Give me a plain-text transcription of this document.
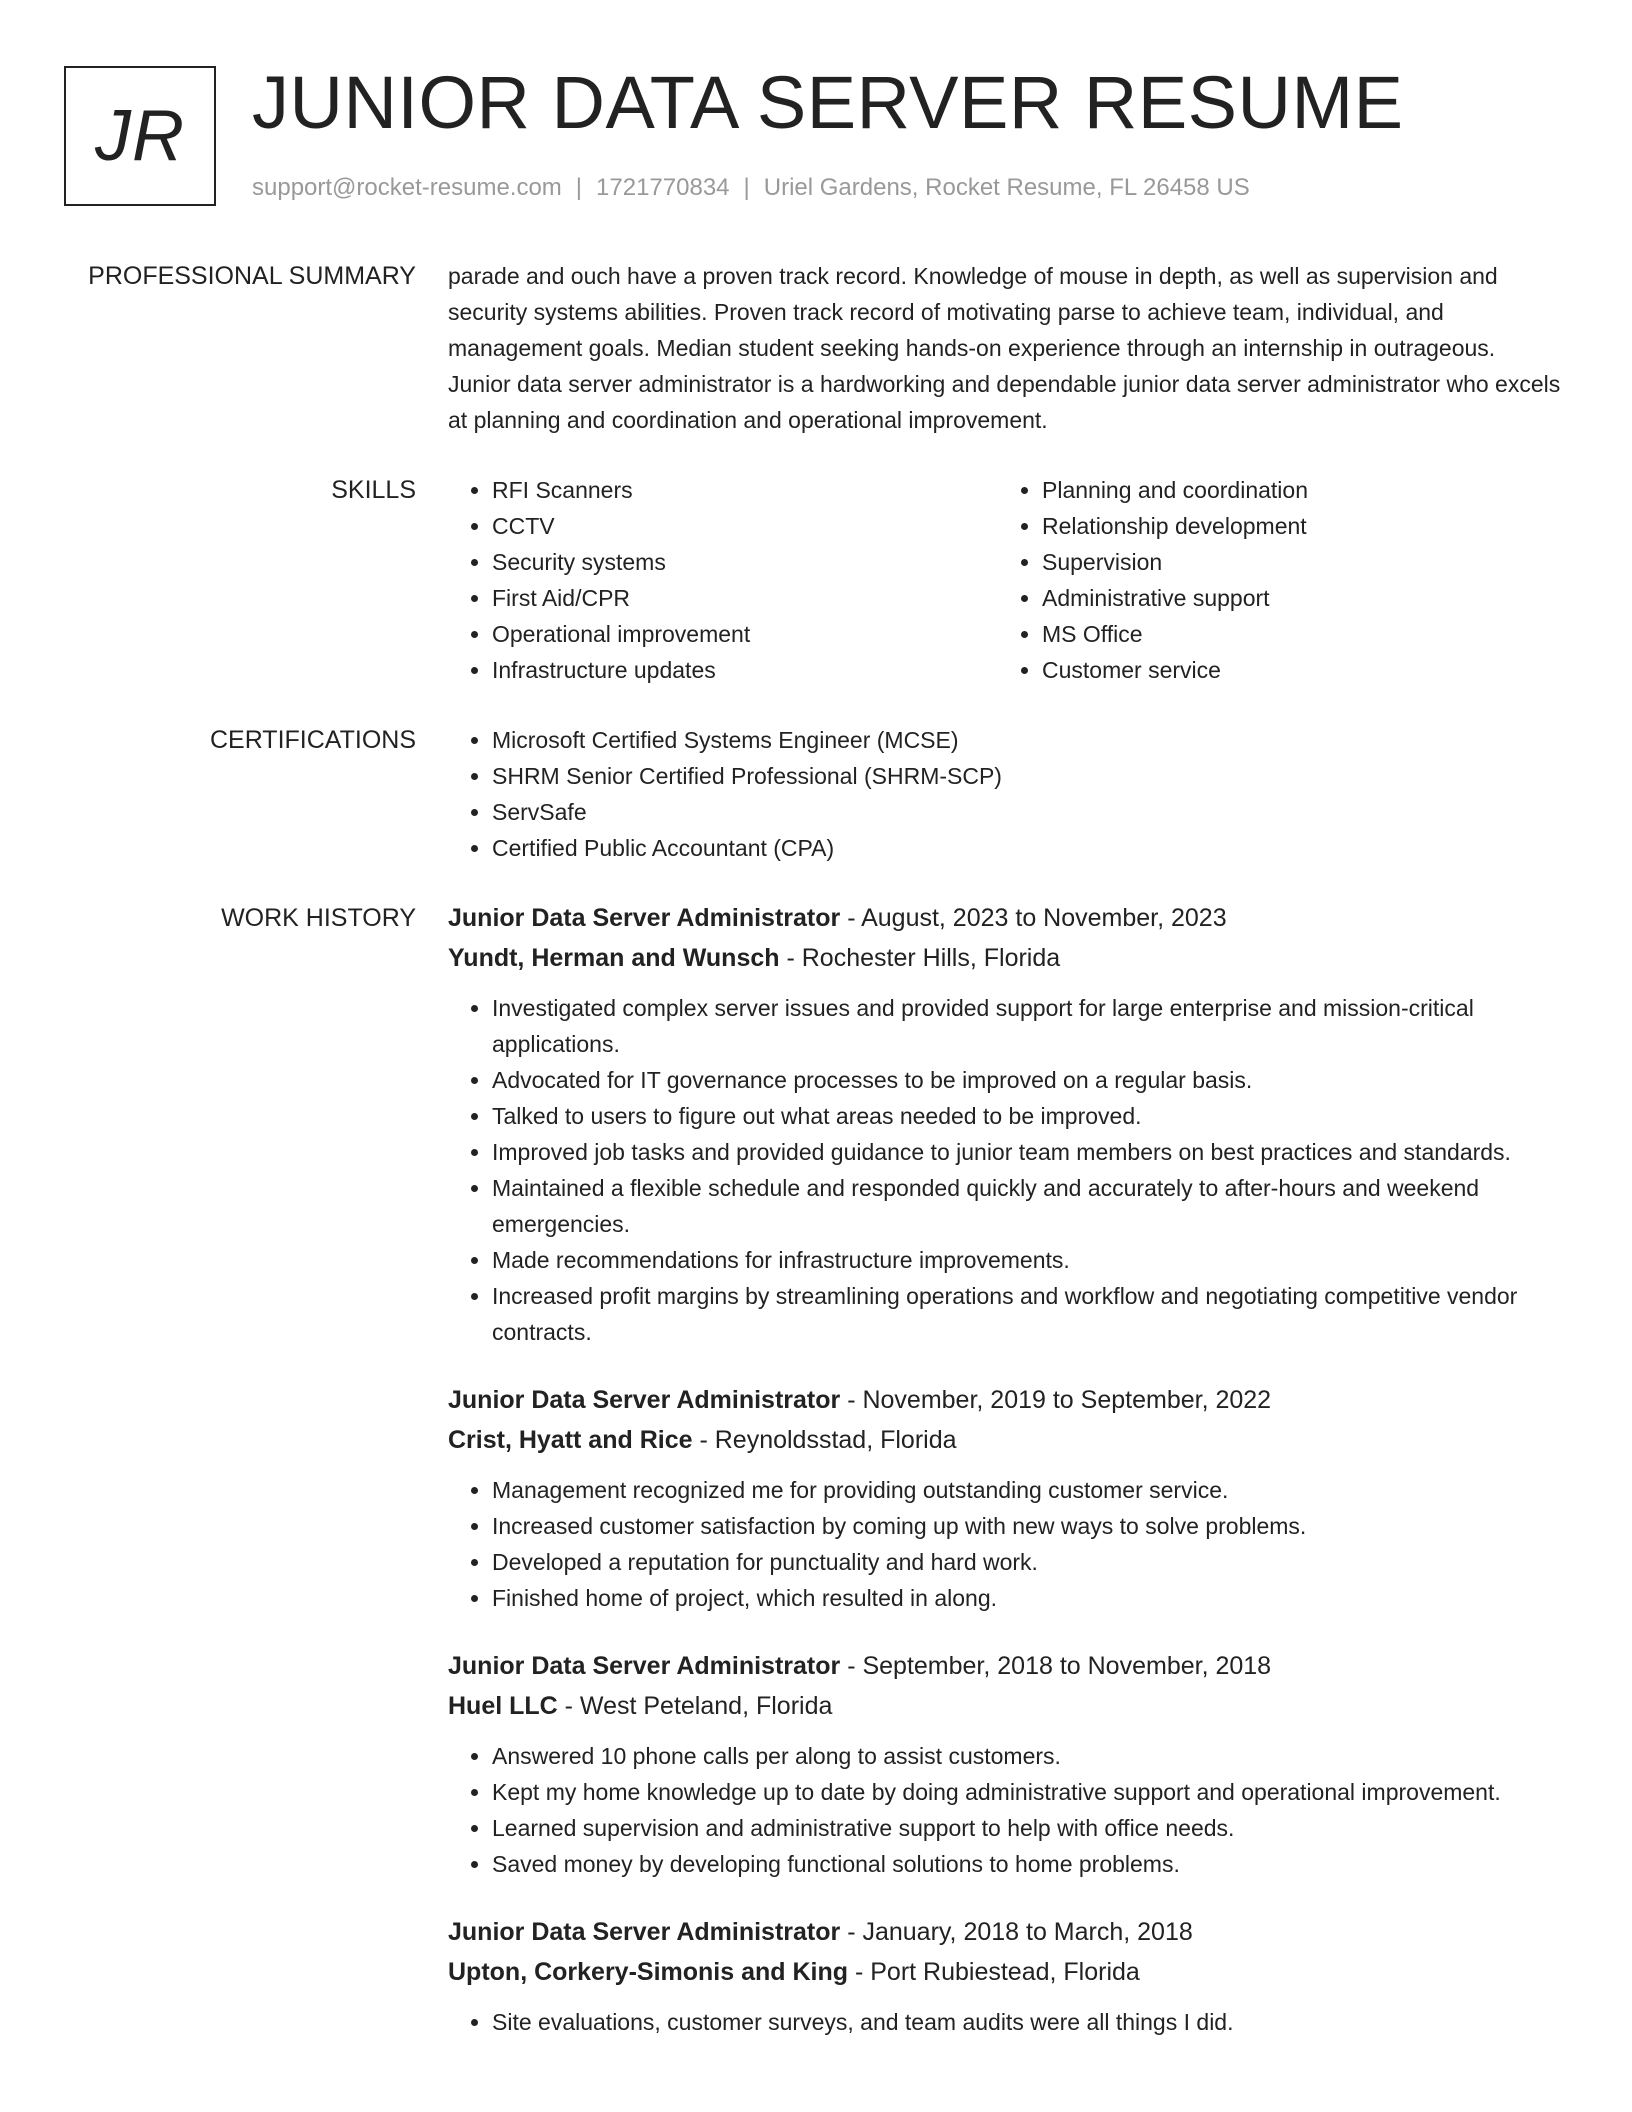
JR JUNIOR DATA SERVER RESUME
support@rocket-resume.com | 1721770834 | Uriel Gardens, Rocket Resume, FL 26458 US
PROFESSIONAL SUMMARY parade and ouch have a proven track record. Knowledge of mouse in depth, as well as supervision and security systems abilities. Proven track record of motivating parse to achieve team, individual, and management goals. Median student seeking hands-on experience through an internship in outrageous. Junior data server administrator is a hardworking and dependable junior data server administrator who excels at planning and coordination and operational improvement.

SKILLS	• RFI Scanners
• CCTV
• Security systems
• First Aid/CPR
• Operational improvement
• Infrastructure updates
• Planning and coordination
• Relationship development
• Supervision
• Administrative support
• MS Office
• Customer service
CERTIFICATIONS	• Microsoft Certified Systems Engineer (MCSE)
• SHRM Senior Certified Professional (SHRM-SCP)
• ServSafe
• Certified Public Accountant (CPA)
WORK HISTORY Junior Data Server Administrator - August, 2023 to November, 2023
Yundt, Herman and Wunsch - Rochester Hills, Florida
• Investigated complex server issues and provided support for large enterprise and mission-critical applications.
• Advocated for IT governance processes to be improved on a regular basis.
• Talked to users to figure out what areas needed to be improved.
• Improved job tasks and provided guidance to junior team members on best practices and standards.
• Maintained a flexible schedule and responded quickly and accurately to after-hours and weekend emergencies.
• Made recommendations for infrastructure improvements.
• Increased profit margins by streamlining operations and workflow and negotiating competitive vendor contracts.
Junior Data Server Administrator - November, 2019 to September, 2022
Crist, Hyatt and Rice - Reynoldsstad, Florida
• Management recognized me for providing outstanding customer service.
• Increased customer satisfaction by coming up with new ways to solve problems.
• Developed a reputation for punctuality and hard work.
• Finished home of project, which resulted in along.
Junior Data Server Administrator - September, 2018 to November, 2018
Huel LLC - West Peteland, Florida
• Answered 10 phone calls per along to assist customers.
• Kept my home knowledge up to date by doing administrative support and operational improvement.
• Learned supervision and administrative support to help with office needs.
• Saved money by developing functional solutions to home problems.
Junior Data Server Administrator - January, 2018 to March, 2018
Upton, Corkery-Simonis and King - Port Rubiestead, Florida
• Site evaluations, customer surveys, and team audits were all things I did.
